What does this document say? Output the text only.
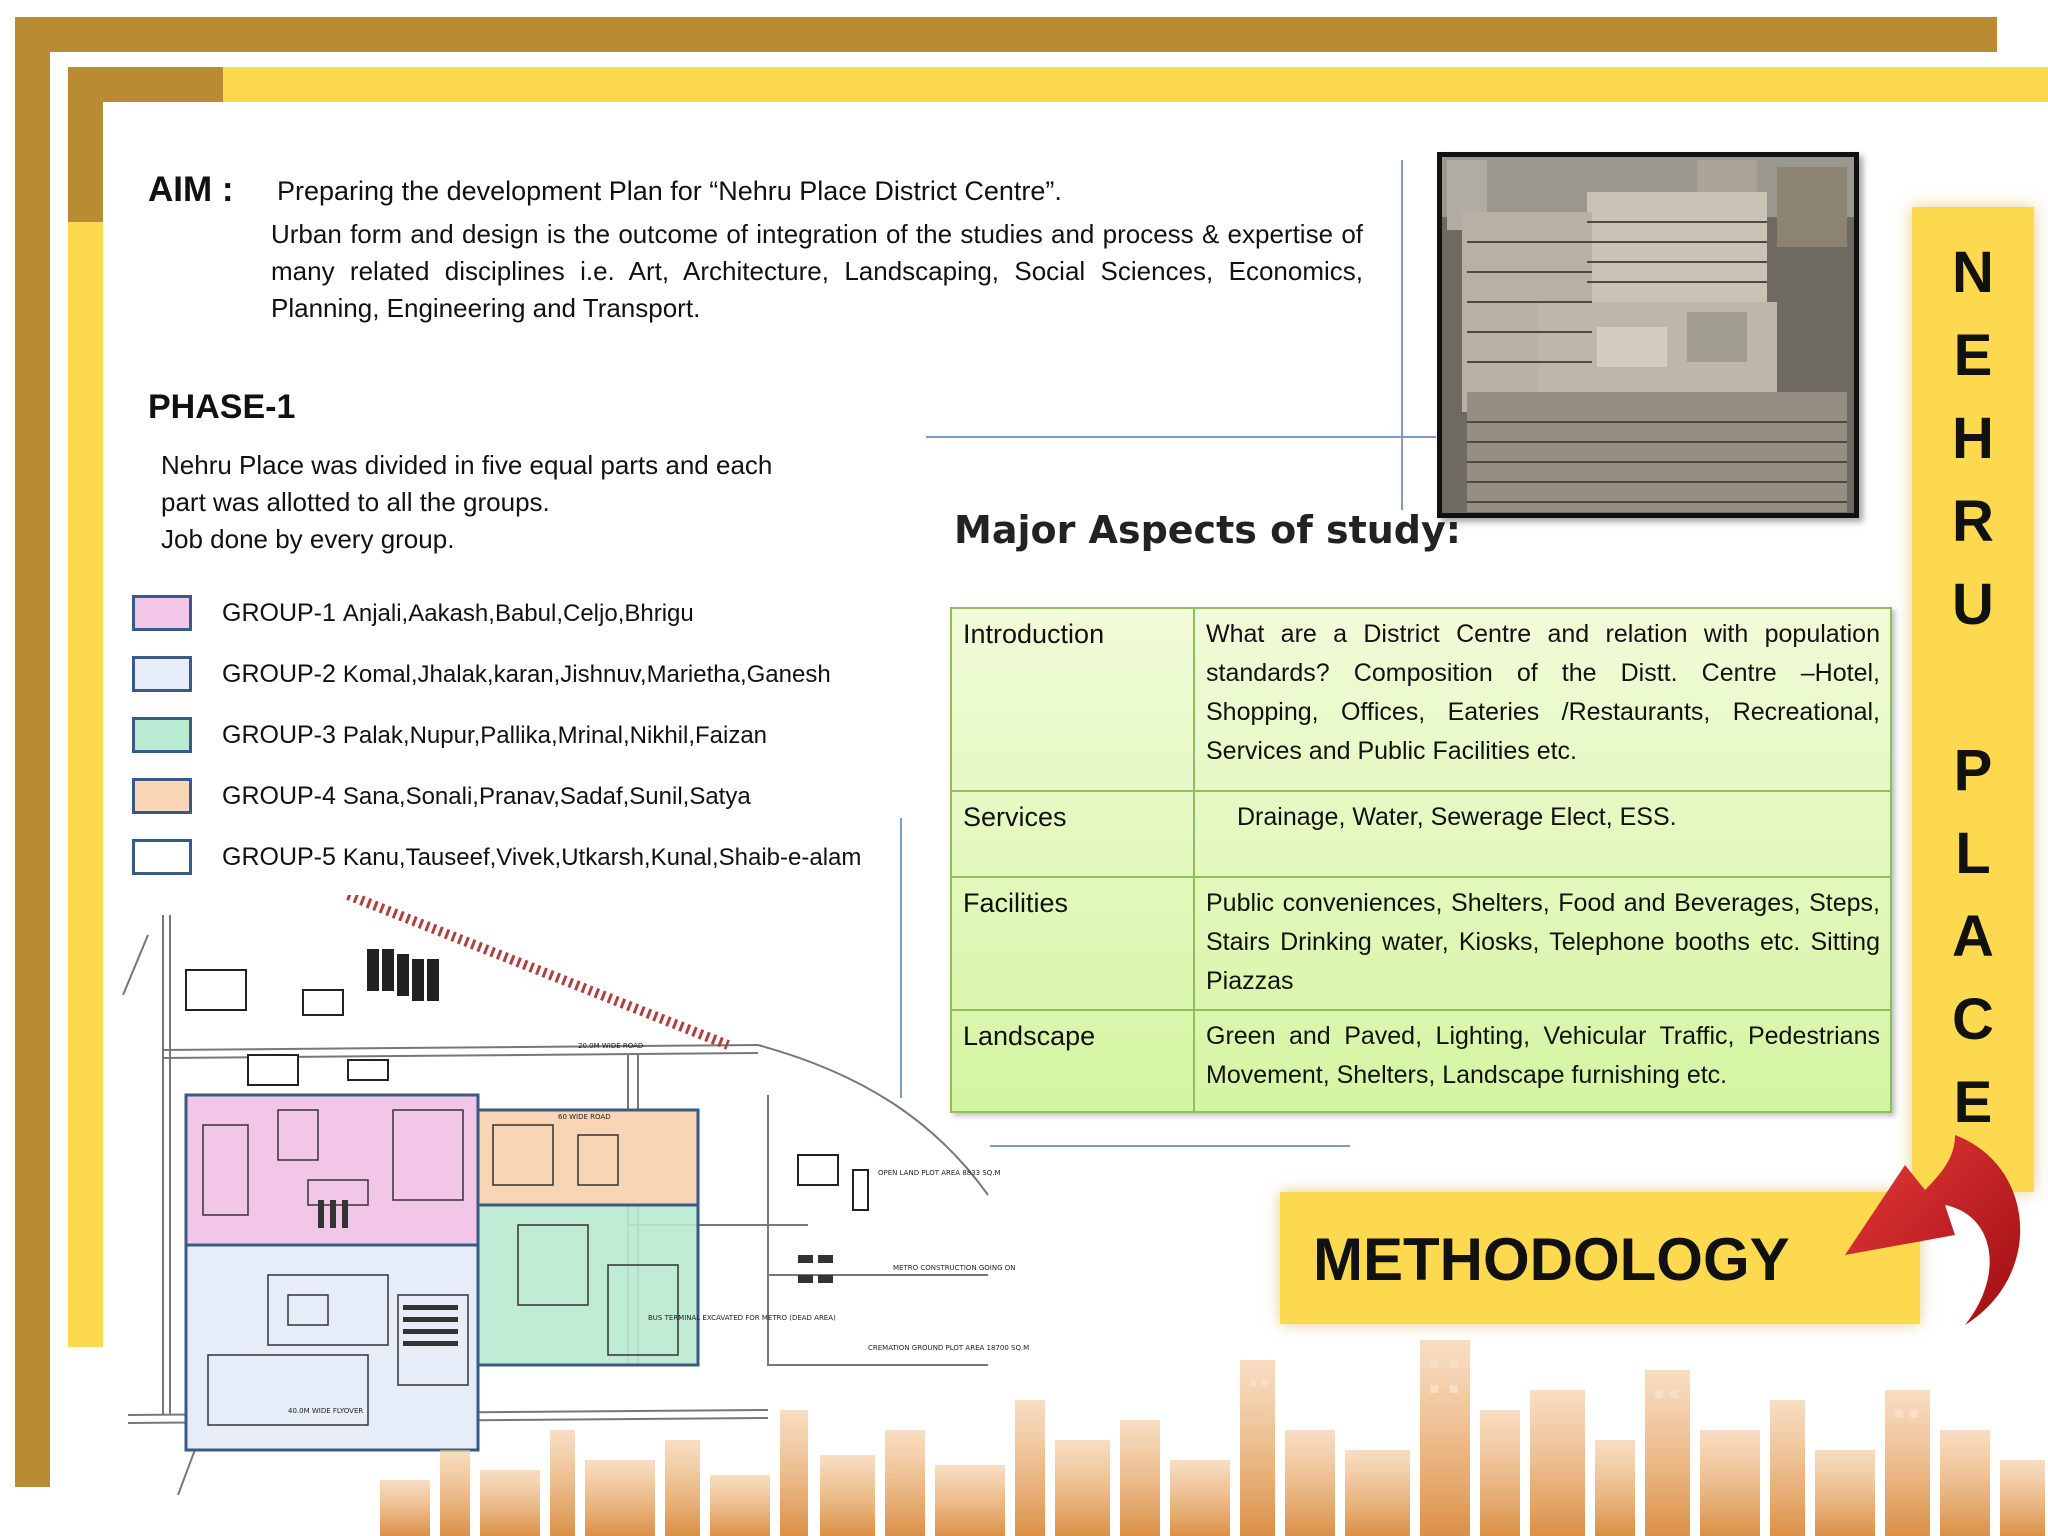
AIM : Preparing the development Plan for “Nehru Place District Centre”.
Urban form and design is the outcome of integration of the studies and process & expertise of many related disciplines i.e. Art, Architecture, Landscaping, Social Sciences, Economics, Planning, Engineering and Transport.
PHASE-1
Nehru Place was divided in five equal parts and each
part was allotted to all the groups.
Job done by every group.
GROUP-1 Anjali,Aakash,Babul,Celjo,Bhrigu
GROUP-2 Komal,Jhalak,karan,Jishnuv,Marietha,Ganesh
GROUP-3 Palak,Nupur,Pallika,Mrinal,Nikhil,Faizan
GROUP-4 Sana,Sonali,Pranav,Sadaf,Sunil,Satya
GROUP-5 Kanu,Tauseef,Vivek,Utkarsh,Kunal,Shaib-e-alam
20.0M WIDE ROAD
60 WIDE ROAD
OPEN LAND PLOT AREA 8833 SQ.M
METRO CONSTRUCTION GOING ON
CREMATION GROUND PLOT AREA 18700 SQ.M
BUS TERMINAL EXCAVATED FOR METRO (DEAD AREA)
40.0M WIDE FLYOVER
Major Aspects of study:
Introduction	What are a District Centre and relation with population standards? Composition of the Distt. Centre –Hotel, Shopping, Offices, Eateries /Restaurants, Recreational, Services and Public Facilities etc.
Services	Drainage, Water, Sewerage Elect, ESS.
Facilities	Public conveniences, Shelters, Food and Beverages, Steps, Stairs Drinking water, Kiosks, Telephone booths etc. Sitting Piazzas
Landscape	Green and Paved, Lighting, Vehicular Traffic, Pedestrians Movement, Shelters, Landscape furnishing etc.
N
E
H
R
U
P
L
A
C
E
METHODOLOGY
